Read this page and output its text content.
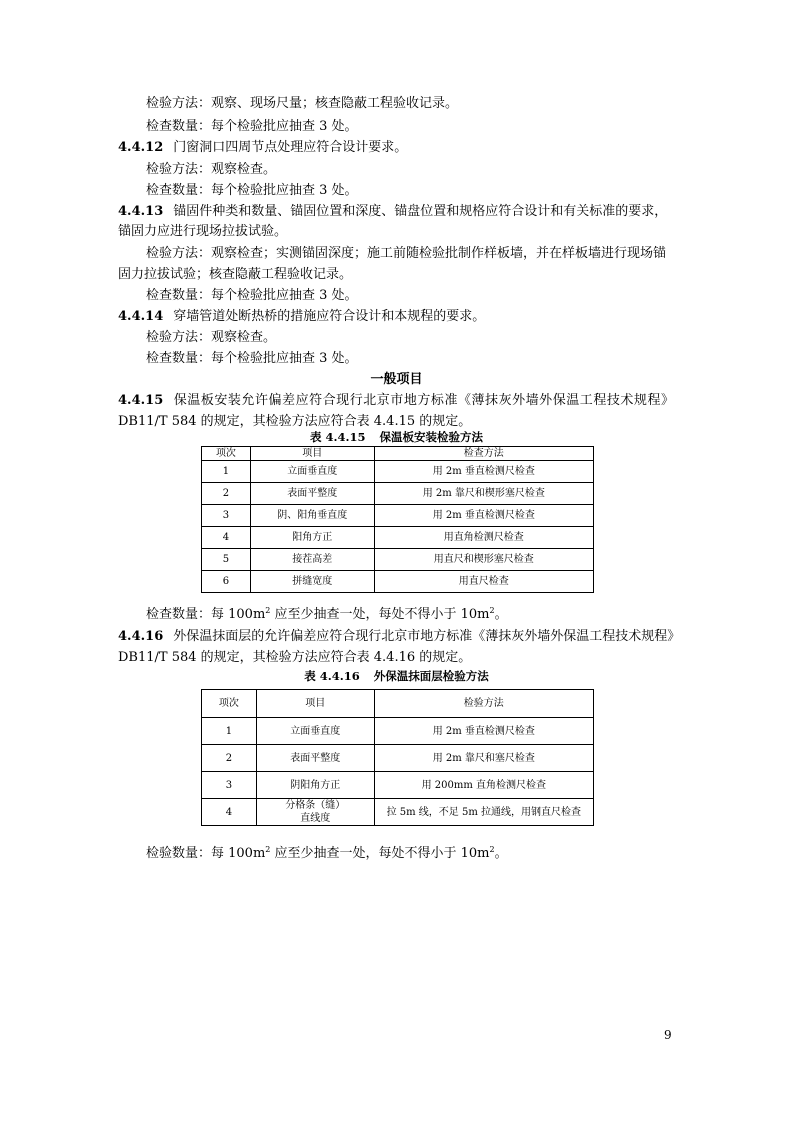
检验方法：观察、现场尺量；核查隐蔽工程验收记录。
检查数量：每个检验批应抽查 3 处。
4.4.12 门窗洞口四周节点处理应符合设计要求。
检验方法：观察检查。
检查数量：每个检验批应抽查 3 处。
4.4.13 锚固件种类和数量、锚固位置和深度、锚盘位置和规格应符合设计和有关标准的要求，
锚固力应进行现场拉拔试验。
检验方法：观察检查；实测锚固深度；施工前随检验批制作样板墙，并在样板墙进行现场锚
固力拉拔试验；核查隐蔽工程验收记录。
检查数量：每个检验批应抽查 3 处。
4.4.14 穿墙管道处断热桥的措施应符合设计和本规程的要求。
检验方法：观察检查。
检查数量：每个检验批应抽查 3 处。
一般项目
4.4.15 保温板安装允许偏差应符合现行北京市地方标准《薄抹灰外墙外保温工程技术规程》
DB11/T 584 的规定，其检验方法应符合表 4.4.15 的规定。
表 4.4.15 保温板安装检验方法
项次	项目	检查方法
1	立面垂直度	用 2m 垂直检测尺检查
2	表面平整度	用 2m 靠尺和楔形塞尺检查
3	阴、阳角垂直度	用 2m 垂直检测尺检查
4	阳角方正	用直角检测尺检查
5	接茬高差	用直尺和楔形塞尺检查
6	拼缝宽度	用直尺检查
检查数量：每 $100m^2$ 应至少抽查一处，每处不得小于 $10m^2$。
4.4.16 外保温抹面层的允许偏差应符合现行北京市地方标准《薄抹灰外墙外保温工程技术规程》
DB11/T 584 的规定，其检验方法应符合表 4.4.16 的规定。
表 4.4.16 外保温抹面层检验方法
项次	项目	检验方法
1	立面垂直度	用 2m 垂直检测尺检查
2	表面平整度	用 2m 靠尺和塞尺检查
3	阴阳角方正	用 200mm 直角检测尺检查
4	分格条（缝）
直线度	拉 5m 线，不足 5m 拉通线，用钢直尺检查
检验数量：每 $100m^2$ 应至少抽查一处，每处不得小于 $10m^2$。
9
